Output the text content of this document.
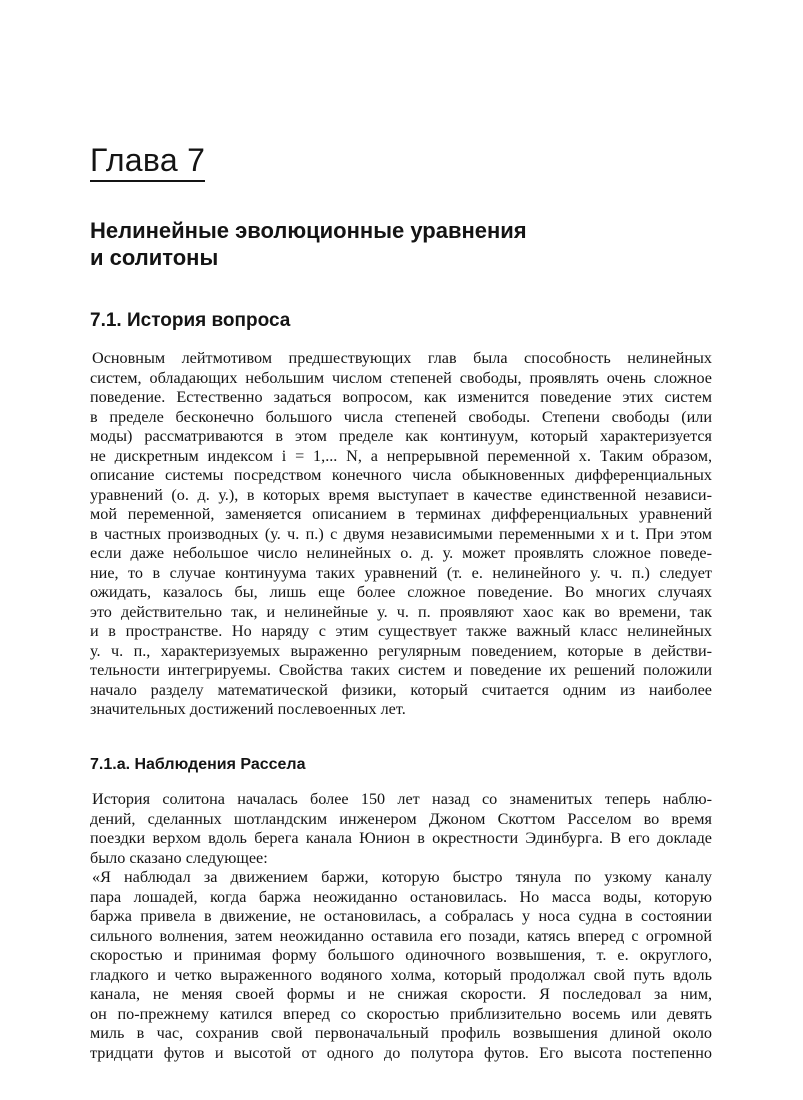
Глава 7
Нелинейные эволюционные уравнения
и солитоны
7.1. История вопроса
Основным лейтмотивом предшествующих глав была способность нелинейных
систем, обладающих небольшим числом степеней свободы, проявлять очень сложное
поведение. Естественно задаться вопросом, как изменится поведение этих систем
в пределе бесконечно большого числа степеней свободы. Степени свободы (или
моды) рассматриваются в этом пределе как континуум, который характеризуется
не дискретным индексом i = 1,... N, а непрерывной переменной x. Таким образом,
описание системы посредством конечного числа обыкновенных дифференциальных
уравнений (о. д. у.), в которых время выступает в качестве единственной независи-
мой переменной, заменяется описанием в терминах дифференциальных уравнений
в частных производных (у. ч. п.) с двумя независимыми переменными x и t. При этом
если даже небольшое число нелинейных о. д. у. может проявлять сложное поведе-
ние, то в случае континуума таких уравнений (т. е. нелинейного у. ч. п.) следует
ожидать, казалось бы, лишь еще более сложное поведение. Во многих случаях
это действительно так, и нелинейные у. ч. п. проявляют хаос как во времени, так
и в пространстве. Но наряду с этим существует также важный класс нелинейных
у. ч. п., характеризуемых выраженно регулярным поведением, которые в действи-
тельности интегрируемы. Свойства таких систем и поведение их решений положили
начало разделу математической физики, который считается одним из наиболее
значительных достижений послевоенных лет.
7.1.a. Наблюдения Рассела
История солитона началась более 150 лет назад со знаменитых теперь наблю-
дений, сделанных шотландским инженером Джоном Скоттом Расселом во время
поездки верхом вдоль берега канала Юнион в окрестности Эдинбурга. В его докладе
было сказано следующее:
«Я наблюдал за движением баржи, которую быстро тянула по узкому каналу
пара лошадей, когда баржа неожиданно остановилась. Но масса воды, которую
баржа привела в движение, не остановилась, а собралась у носа судна в состоянии
сильного волнения, затем неожиданно оставила его позади, катясь вперед с огромной
скоростью и принимая форму большого одиночного возвышения, т. е. округлого,
гладкого и четко выраженного водяного холма, который продолжал свой путь вдоль
канала, не меняя своей формы и не снижая скорости. Я последовал за ним,
он по-прежнему катился вперед со скоростью приблизительно восемь или девять
миль в час, сохранив свой первоначальный профиль возвышения длиной около
тридцати футов и высотой от одного до полутора футов. Его высота постепенно
